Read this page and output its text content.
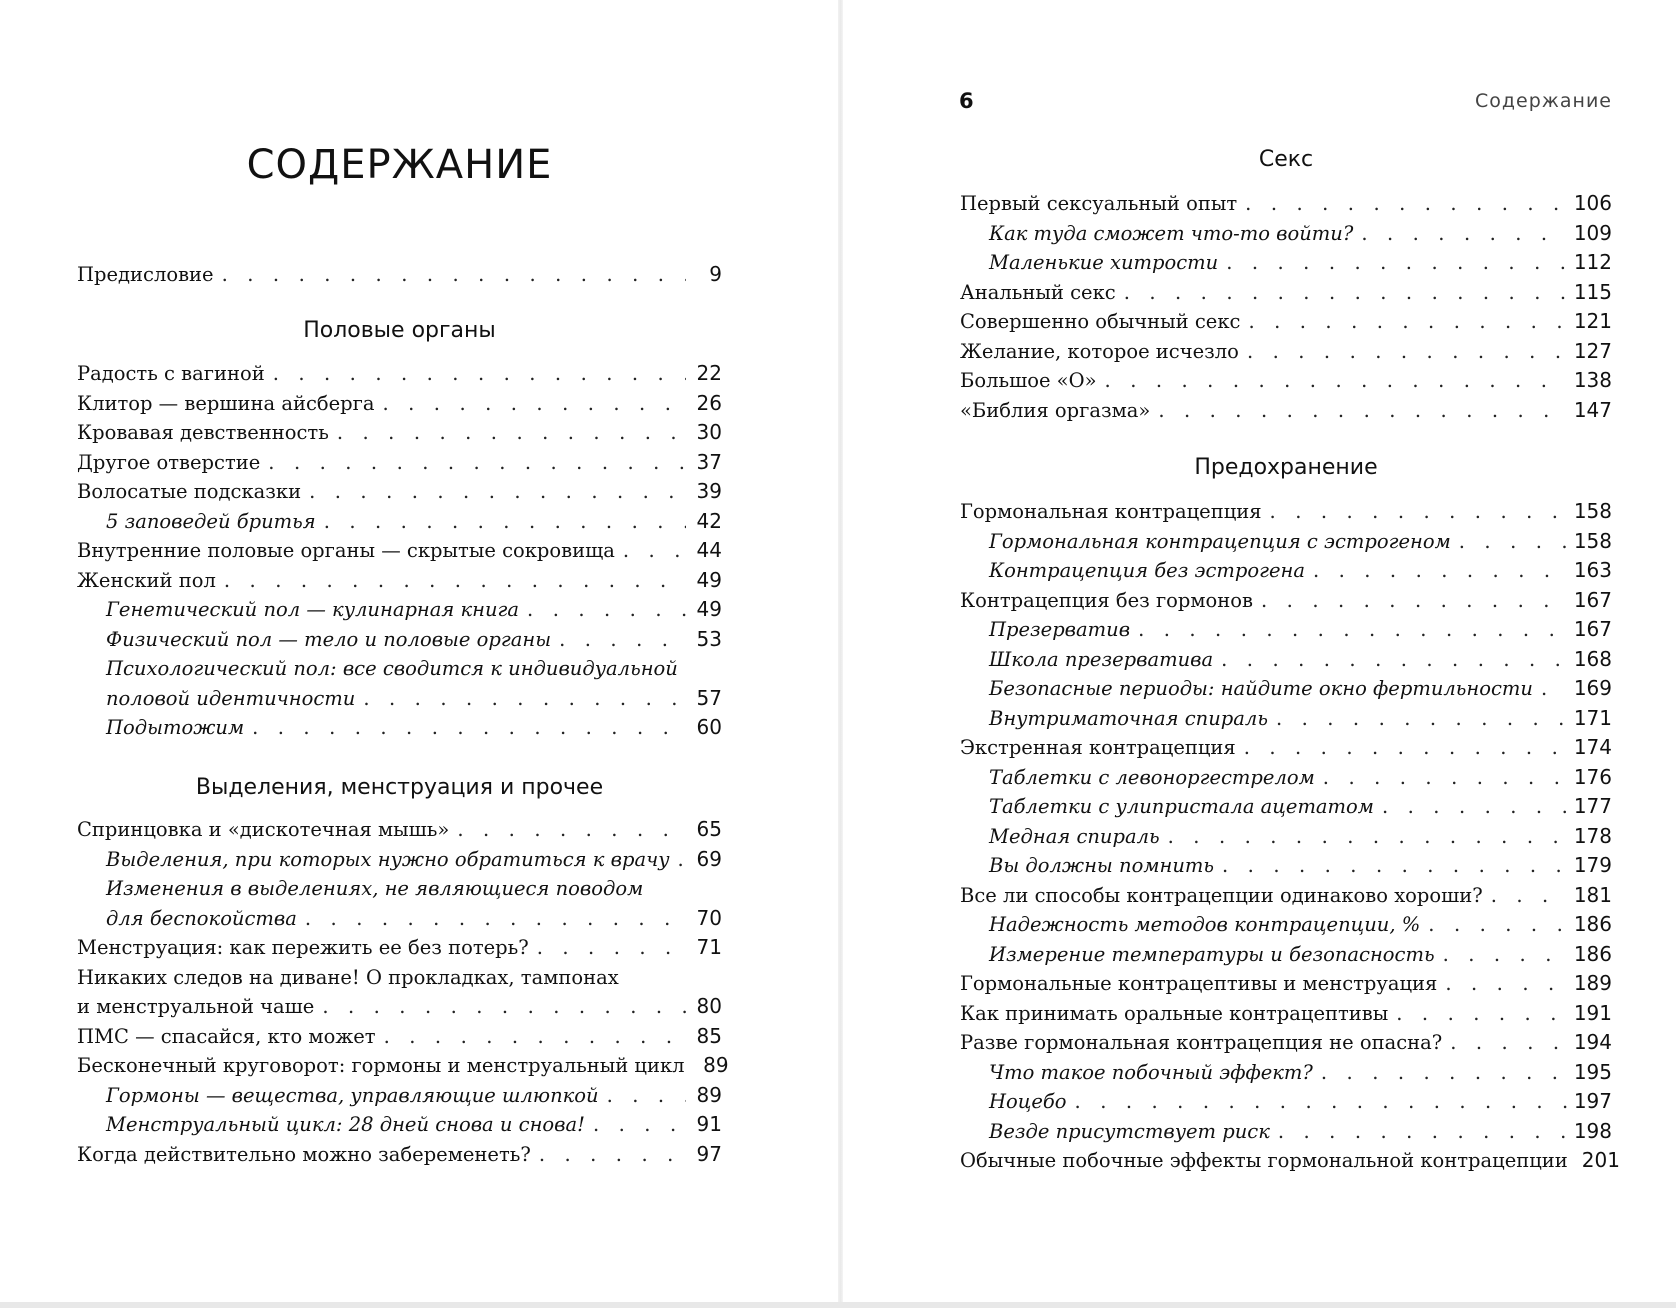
СОДЕРЖАНИЕ
Предисловие . . .	9
Половые органы
Радость с вагиной . . .	22
Клитор — вершина айсберга . . .	26
Кровавая девственность . . .	30
Другое отверстие . . .	37
Волосатые подсказки . . .	39
5 заповедей бритья . . .	42
Внутренние половые органы — скрытые сокровища . . .	44
Женский пол . . .	49
Генетический пол — кулинарная книга . . .	49
Физический пол — тело и половые органы . . .	53
Психологический пол: все сводится к индивидуальной
половой идентичности . . .	57
Подытожим . . .	60
Выделения, менструация и прочее
Спринцовка и «дискотечная мышь» . . .	65
Выделения, при которых нужно обратиться к врачу . . . 69
Изменения в выделениях, не являющиеся поводом
для беспокойства . . .	70
Менструация: как пережить ее без потерь? . . .	71
Никаких следов на диване! О прокладках, тампонах
и менструальной чаше . . .	80
ПМС — спасайся, кто может . . .	85
Бесконечный круговорот: гормоны и менструальный цикл 89
Гормоны — вещества, управляющие шлюпкой . . .	89
Менструальный цикл: 28 дней снова и снова! . . .	91
Когда действительно можно забеременеть? . . .	97

6	Содержание

Секс
Первый сексуальный опыт . . .	106
Как туда сможет что-то войти? . . .	109
Маленькие хитрости . . .	112
Анальный секс . . .	115
Совершенно обычный секс . . .	121
Желание, которое исчезло . . .	127
Большое «О» . . .	138
«Библия оргазма» . . .	147
Предохранение
Гормональная контрацепция . . .	158
Гормональная контрацепция с эстрогеном . . .	158
Контрацепция без эстрогена . . .	163
Контрацепция без гормонов . . .	167
Презерватив . . .	167
Школа презерватива . . .	168
Безопасные периоды: найдите окно фертильности . . . 169
Внутриматочная спираль . . .	171
Экстренная контрацепция . . .	174
Таблетки с левоноргестрелом . . .	176
Таблетки с улипристала ацетатом . . .	177
Медная спираль . . .	178
Вы должны помнить . . .	179
Все ли способы контрацепции одинаково хороши? . . .	181
Надежность методов контрацепции, % . . .	186
Измерение температуры и безопасность . . .	186
Гормональные контрацептивы и менструация . . .	189
Как принимать оральные контрацептивы . . .	191
Разве гормональная контрацепция не опасна? . . .	194
Что такое побочный эффект? . . .	195
Ноцебо . . .	197
Везде присутствует риск . . .	198
Обычные побочные эффекты гормональной контрацепции 201
